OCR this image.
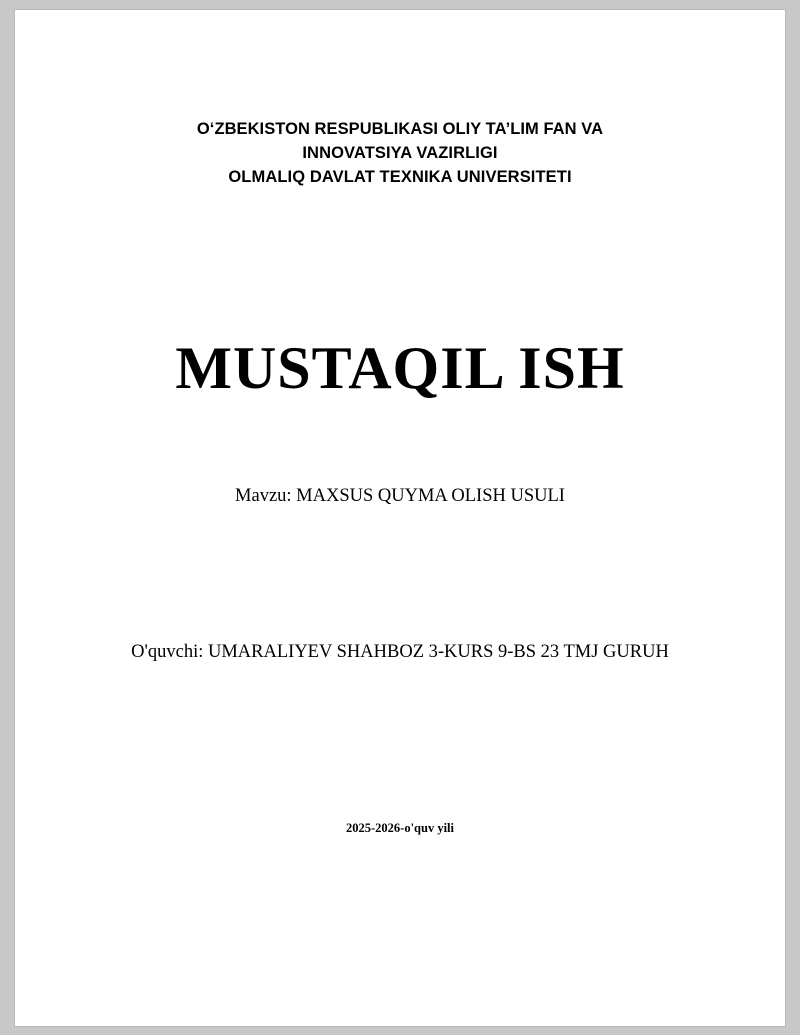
O‘ZBEKISTON RESPUBLIKASI OLIY TA’LIM FAN VA
INNOVATSIYA VAZIRLIGI
OLMALIQ DAVLAT TEXNIKA UNIVERSITETI
MUSTAQIL ISH
Mavzu: MAXSUS QUYMA OLISH USULI
O'quvchi: UMARALIYEV SHAHBOZ 3-KURS 9-BS 23 TMJ GURUH
2025-2026-o'quv yili
